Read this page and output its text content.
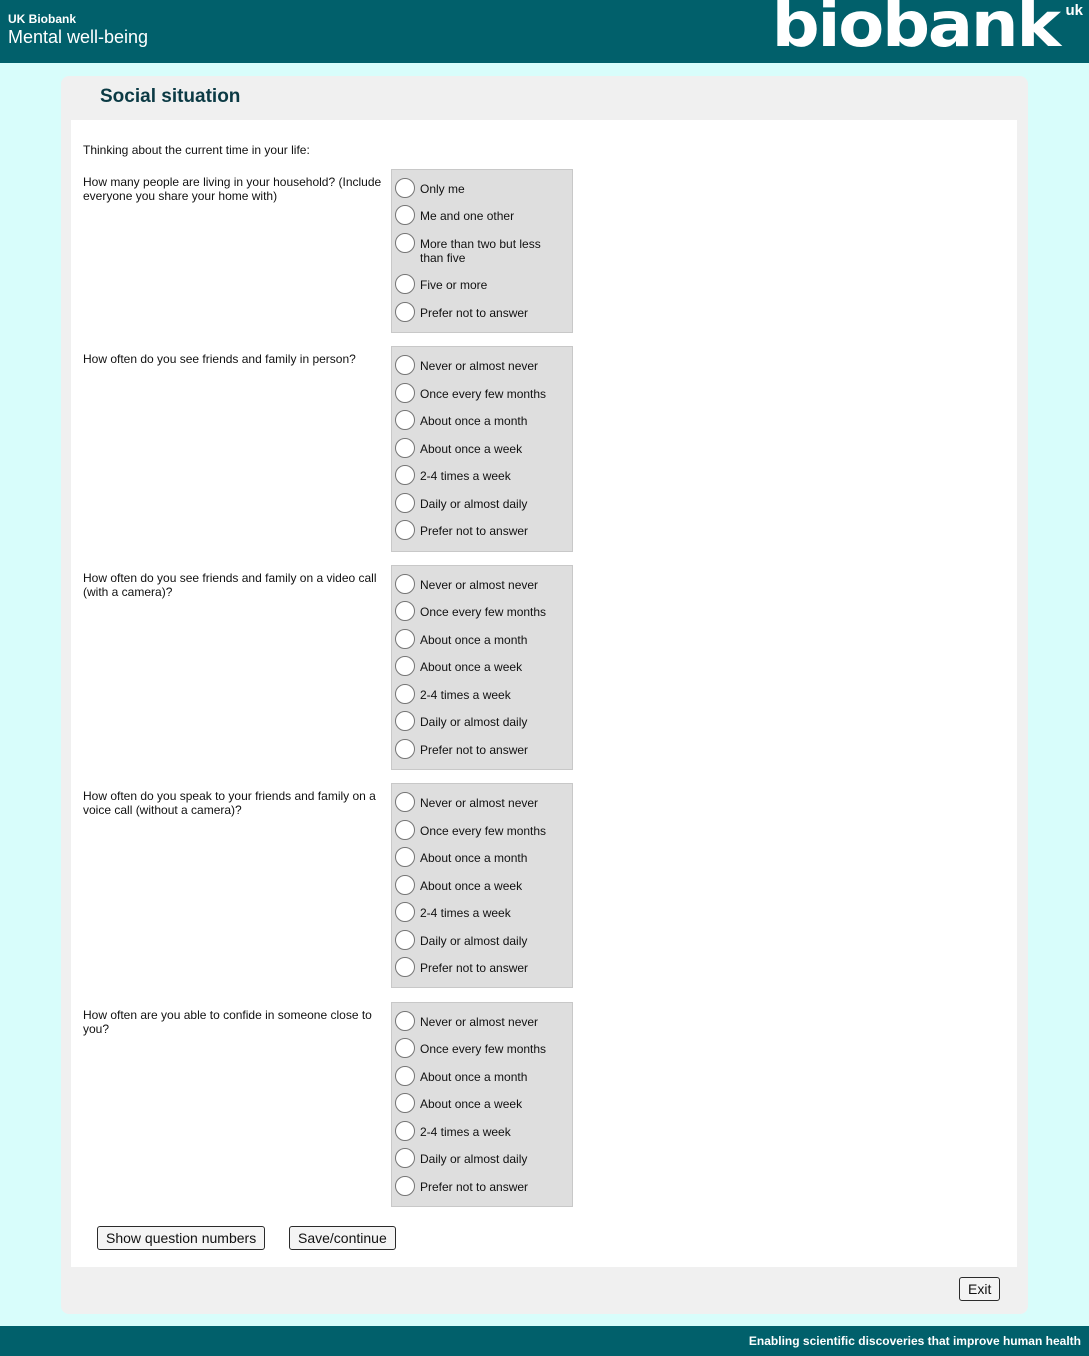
UK Biobank
Mental well-being	biobank uk
Social situation
Thinking about the current time in your life:
How many people are living in your household? (Include everyone you share your home with)	Only me
Me and one other
More than two but less than five
Five or more
Prefer not to answer
How often do you see friends and family in person?	Never or almost never
Once every few months
About once a month
About once a week
2-4 times a week
Daily or almost daily
Prefer not to answer
How often do you see friends and family on a video call (with a camera)?	Never or almost never
Once every few months
About once a month
About once a week
2-4 times a week
Daily or almost daily
Prefer not to answer
How often do you speak to your friends and family on a voice call (without a camera)?	Never or almost never
Once every few months
About once a month
About once a week
2-4 times a week
Daily or almost daily
Prefer not to answer
How often are you able to confide in someone close to you?	Never or almost never
Once every few months
About once a month
About once a week
2-4 times a week
Daily or almost daily
Prefer not to answer
Show question numbers	Save/continue
Exit
Enabling scientific discoveries that improve human health
